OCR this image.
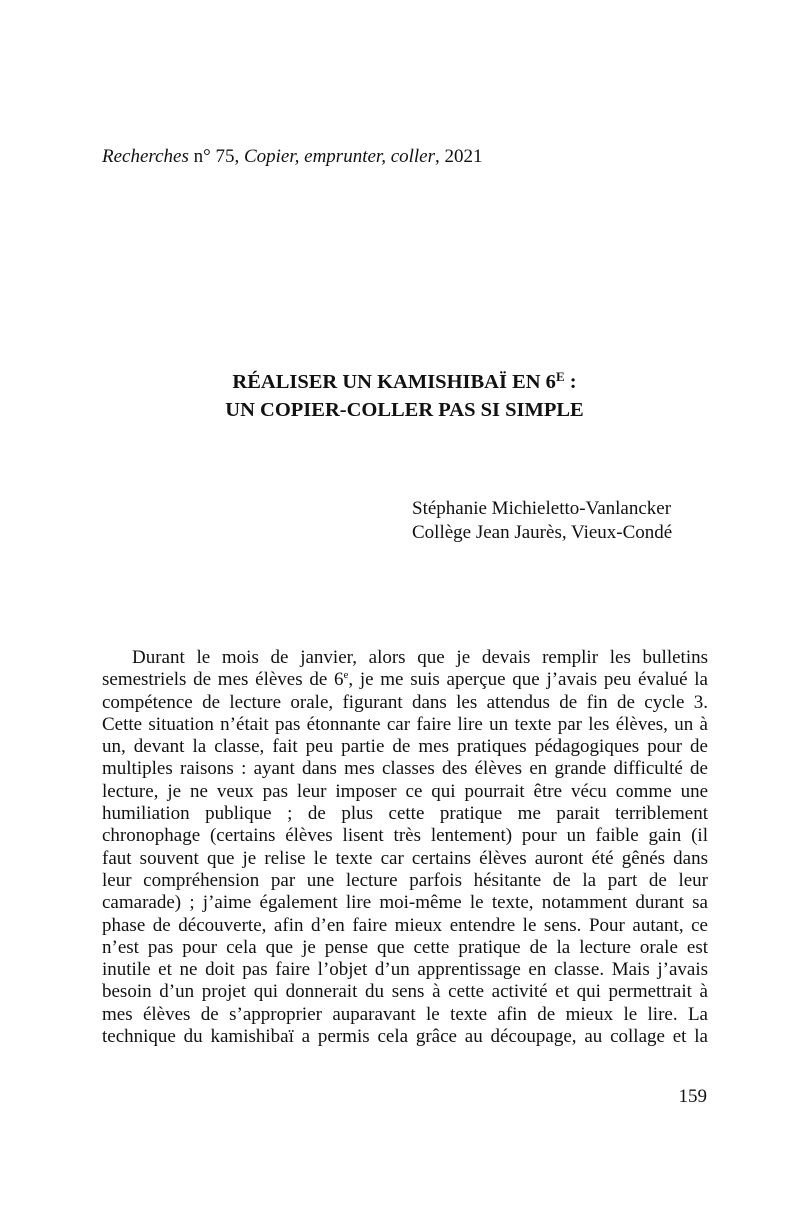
Recherches n° 75, Copier, emprunter, coller, 2021
RÉALISER UN KAMISHIBAÏ EN $6^E$ :
UN COPIER-COLLER PAS SI SIMPLE
Stéphanie Michieletto-Vanlancker
Collège Jean Jaurès, Vieux-Condé
Durant le mois de janvier, alors que je devais remplir les bulletins
semestriels de mes élèves de 6e, je me suis aperçue que j’avais peu évalué la
compétence de lecture orale, figurant dans les attendus de fin de cycle 3.
Cette situation n’était pas étonnante car faire lire un texte par les élèves, un à
un, devant la classe, fait peu partie de mes pratiques pédagogiques pour de
multiples raisons : ayant dans mes classes des élèves en grande difficulté de
lecture, je ne veux pas leur imposer ce qui pourrait être vécu comme une
humiliation publique ; de plus cette pratique me parait terriblement
chronophage (certains élèves lisent très lentement) pour un faible gain (il
faut souvent que je relise le texte car certains élèves auront été gênés dans
leur compréhension par une lecture parfois hésitante de la part de leur
camarade) ; j’aime également lire moi-même le texte, notamment durant sa
phase de découverte, afin d’en faire mieux entendre le sens. Pour autant, ce
n’est pas pour cela que je pense que cette pratique de la lecture orale est
inutile et ne doit pas faire l’objet d’un apprentissage en classe. Mais j’avais
besoin d’un projet qui donnerait du sens à cette activité et qui permettrait à
mes élèves de s’approprier auparavant le texte afin de mieux le lire. La
technique du kamishibaï a permis cela grâce au découpage, au collage et la
159
